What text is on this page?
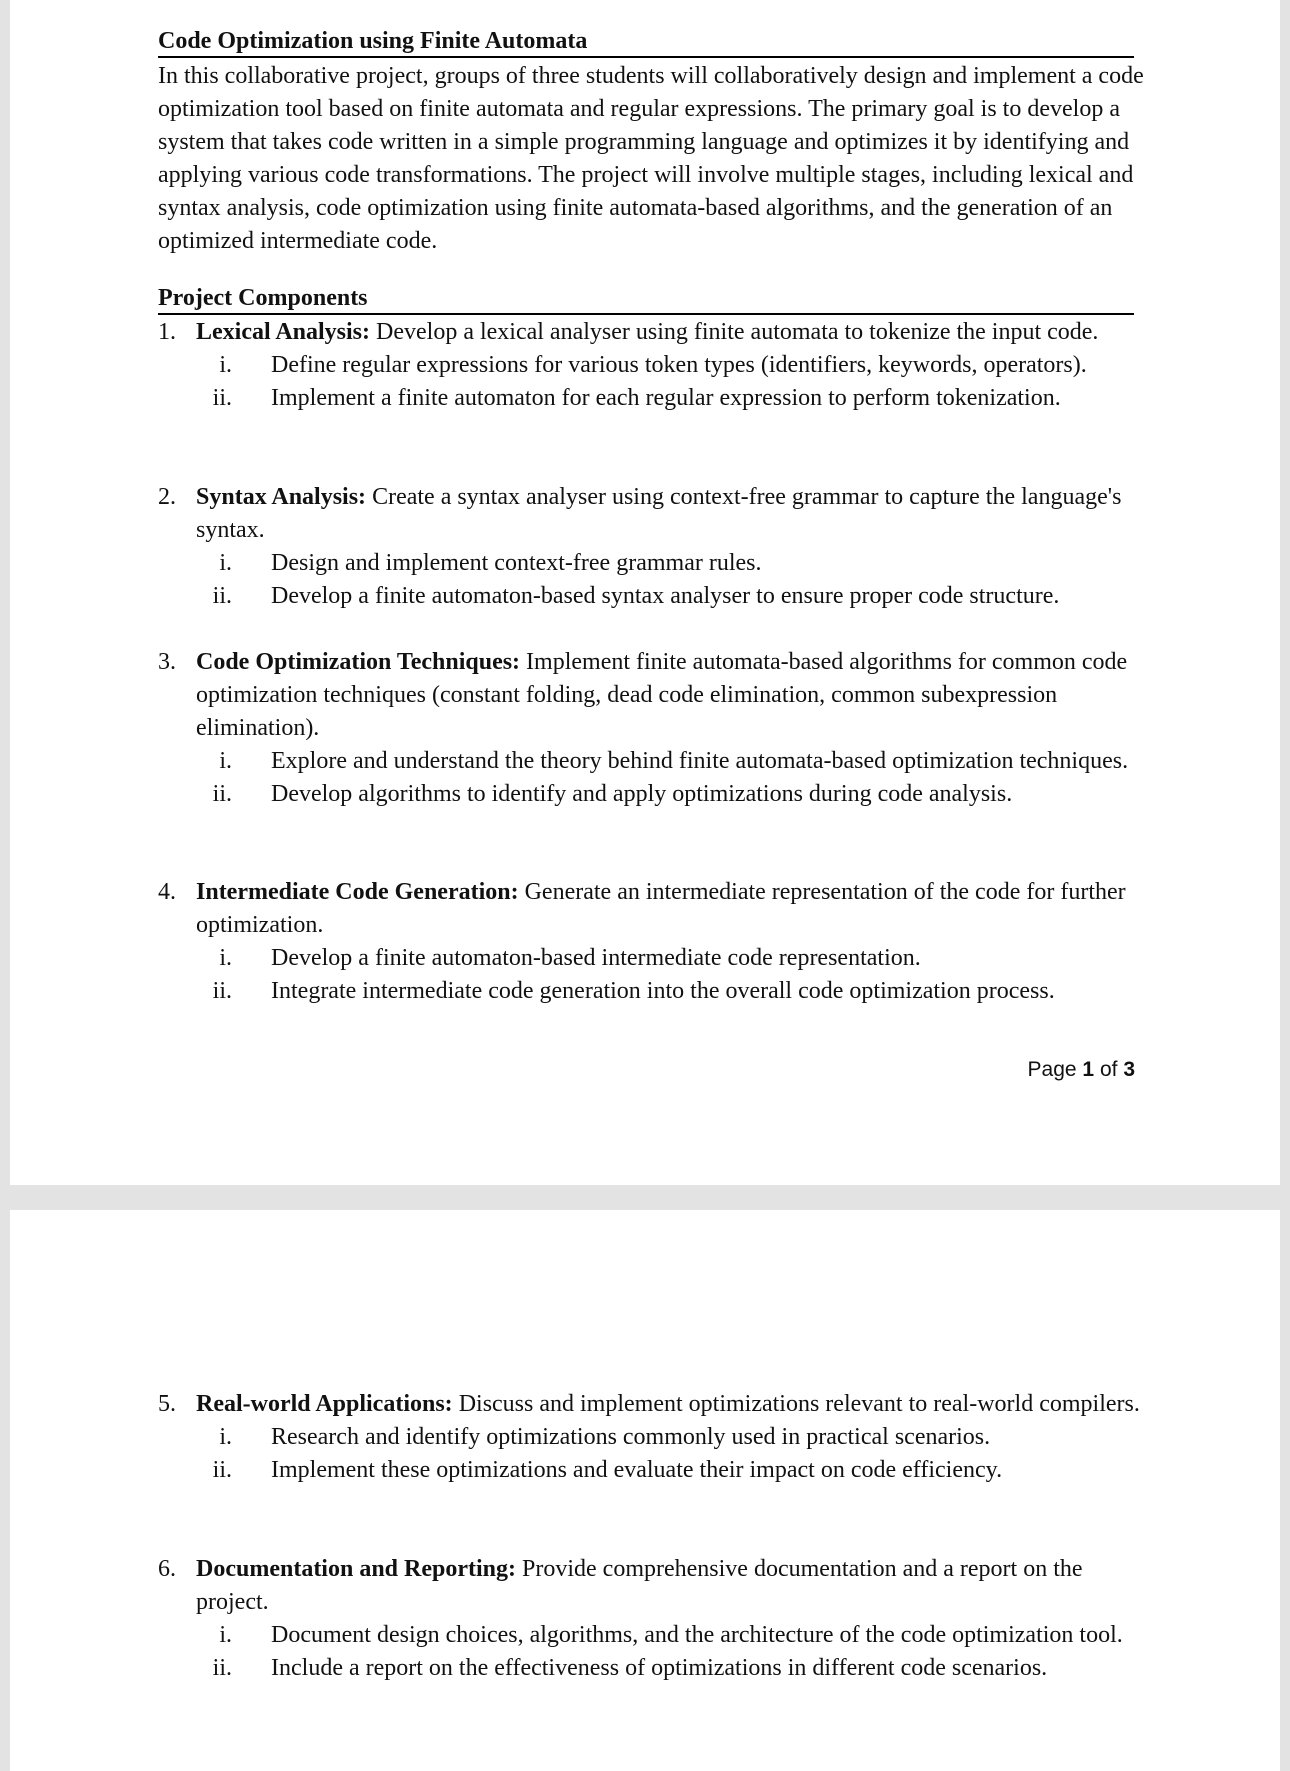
Code Optimization using Finite Automata

In this collaborative project, groups of three students will collaboratively design and implement a code optimization tool based on finite automata and regular expressions. The primary goal is to develop a system that takes code written in a simple programming language and optimizes it by identifying and applying various code transformations. The project will involve multiple stages, including lexical and syntax analysis, code optimization using finite automata-based algorithms, and the generation of an optimized intermediate code.

Project Components
1. Lexical Analysis: Develop a lexical analyser using finite automata to tokenize the input code.
i. Define regular expressions for various token types (identifiers, keywords, operators).
ii. Implement a finite automaton for each regular expression to perform tokenization.
2. Syntax Analysis: Create a syntax analyser using context-free grammar to capture the language's syntax.
i. Design and implement context-free grammar rules.
ii. Develop a finite automaton-based syntax analyser to ensure proper code structure.
3. Code Optimization Techniques: Implement finite automata-based algorithms for common code optimization techniques (constant folding, dead code elimination, common subexpression elimination).
i. Explore and understand the theory behind finite automata-based optimization techniques.
ii. Develop algorithms to identify and apply optimizations during code analysis.
4. Intermediate Code Generation: Generate an intermediate representation of the code for further optimization.
i. Develop a finite automaton-based intermediate code representation.
ii. Integrate intermediate code generation into the overall code optimization process.
Page 1 of 3
5. Real-world Applications: Discuss and implement optimizations relevant to real-world compilers.
i. Research and identify optimizations commonly used in practical scenarios.
ii. Implement these optimizations and evaluate their impact on code efficiency.
6. Documentation and Reporting: Provide comprehensive documentation and a report on the project.
i. Document design choices, algorithms, and the architecture of the code optimization tool.
ii. Include a report on the effectiveness of optimizations in different code scenarios.
